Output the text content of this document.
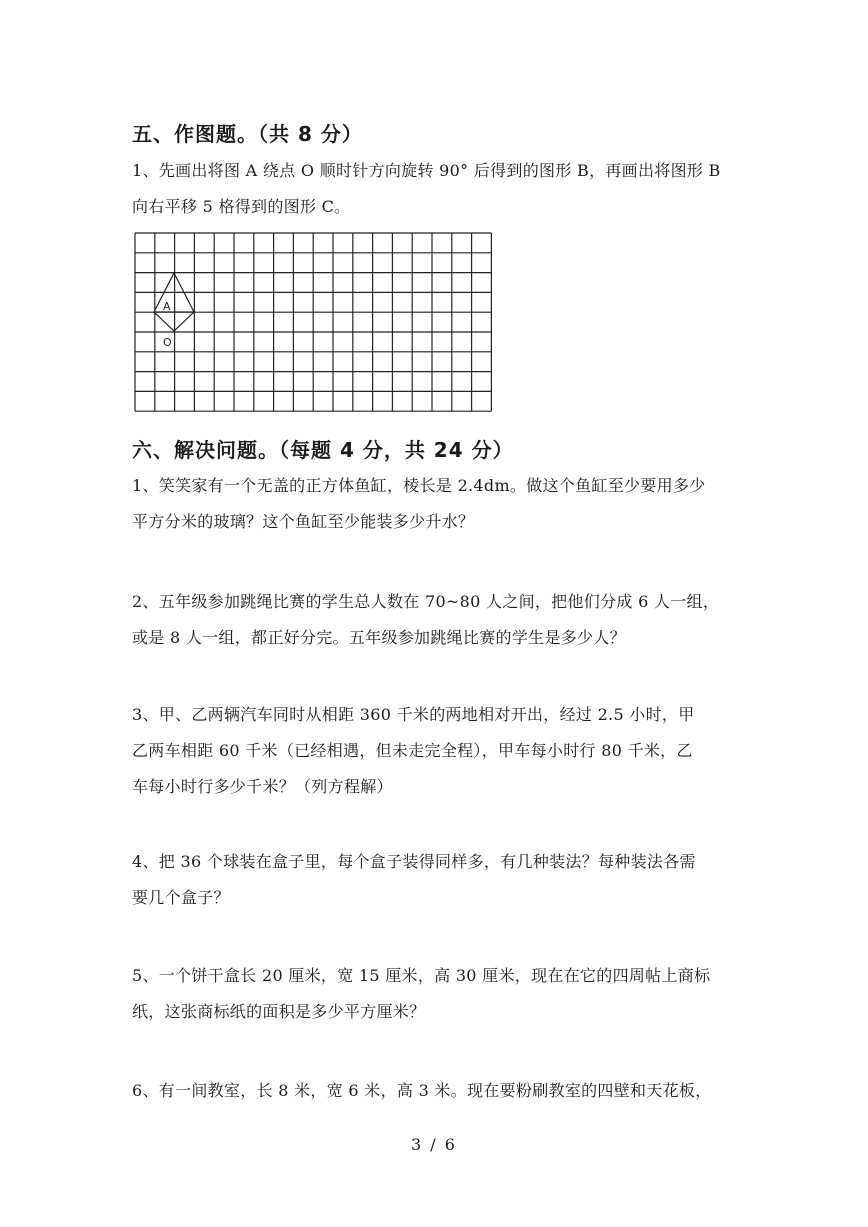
五、作图题。（共 8 分）
1、先画出将图 A 绕点 O 顺时针方向旋转 90° 后得到的图形 B，再画出将图形 B
向右平移 5 格得到的图形 C。
A
O
六、解决问题。（每题 4 分，共 24 分）
1、笑笑家有一个无盖的正方体鱼缸，棱长是 2.4dm。做这个鱼缸至少要用多少
平方分米的玻璃？这个鱼缸至少能装多少升水？
2、五年级参加跳绳比赛的学生总人数在 70~80 人之间，把他们分成 6 人一组，
或是 8 人一组，都正好分完。五年级参加跳绳比赛的学生是多少人？
3、甲、乙两辆汽车同时从相距 360 千米的两地相对开出，经过 2.5 小时，甲
乙两车相距 60 千米（已经相遇，但未走完全程），甲车每小时行 80 千米，乙
车每小时行多少千米？（列方程解）
4、把 36 个球装在盒子里，每个盒子装得同样多，有几种装法？每种装法各需
要几个盒子？
5、一个饼干盒长 20 厘米，宽 15 厘米，高 30 厘米，现在在它的四周帖上商标
纸，这张商标纸的面积是多少平方厘米？
6、有一间教室，长 8 米，宽 6 米，高 3 米。现在要粉刷教室的四壁和天花板，
3 / 6
